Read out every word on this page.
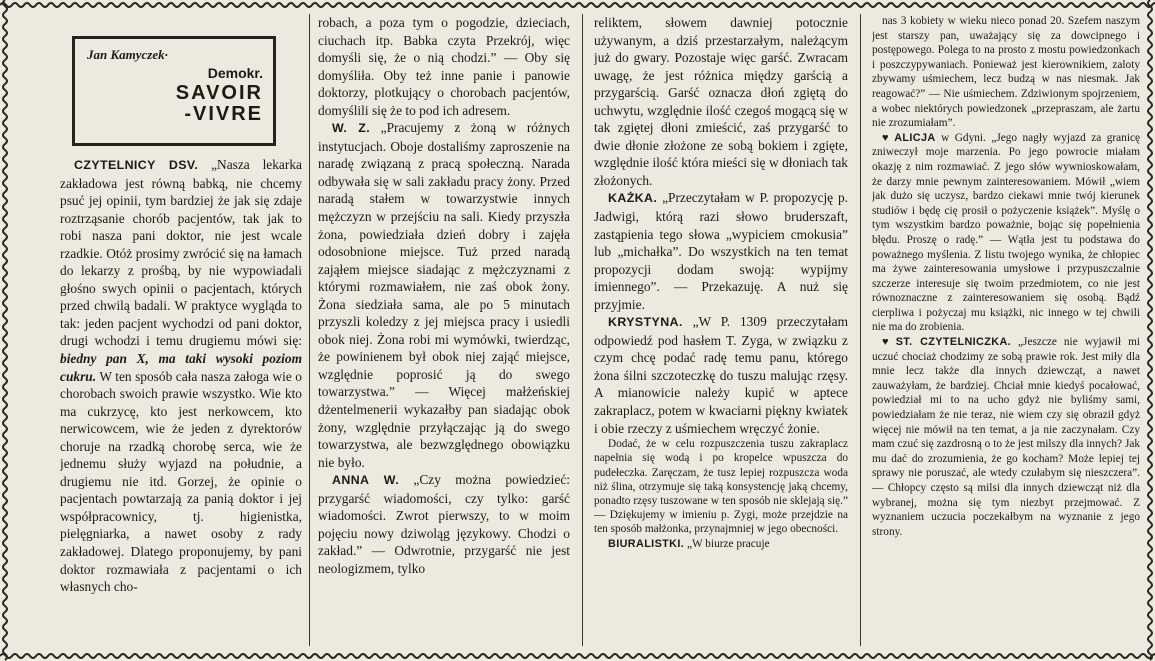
Jan Kamyczek·
Demokr.
SAVOIR
-VIVRE

CZYTELNICY DSV. „Nasza lekarka zakładowa jest równą babką, nie chcemy psuć jej opinii, tym bardziej że jak się zdaje roztrząsanie chorób pacjentów, tak jak to robi nasza pani doktor, nie jest wcale rzadkie. Otóż prosimy zwrócić się na łamach do lekarzy z prośbą, by nie wypowiadali głośno swych opinii o pacjentach, których przed chwilą badali. W praktyce wygląda to tak: jeden pacjent wychodzi od pani doktor, drugi wchodzi i temu drugiemu mówi się: biedny pan X, ma taki wysoki poziom cukru. W ten sposób cała nasza załoga wie o chorobach swoich prawie wszystko. Wie kto ma cukrzycę, kto jest nerkowcem, kto nerwicowcem, wie że jeden z dyrektorów choruje na rzadką chorobę serca, wie że jednemu służy wyjazd na południe, a drugiemu nie itd. Gorzej, że opinie o pacjentach powtarzają za panią doktor i jej współpracownicy, tj. higienistka, pielęgniarka, a nawet osoby z rady zakładowej. Dlatego proponujemy, by pani doktor rozmawiała z pacjentami o ich własnych cho-

robach, a poza tym o pogodzie, dzieciach, ciuchach itp. Babka czyta Przekrój, więc domyśli się, że o nią chodzi.” — Oby się domyśliła. Oby też inne panie i panowie doktorzy, plotkujący o chorobach pacjentów, domyślili się że to pod ich adresem.

W. Z. „Pracujemy z żoną w różnych instytucjach. Oboje dostaliśmy zaproszenie na naradę związaną z pracą społeczną. Narada odbywała się w sali zakładu pracy żony. Przed naradą stałem w towarzystwie innych mężczyzn w przejściu na sali. Kiedy przyszła żona, powiedziała dzień dobry i zajęła odosobnione miejsce. Tuż przed naradą zająłem miejsce siadając z mężczyznami z którymi rozmawiałem, nie zaś obok żony. Żona siedziała sama, ale po 5 minutach przyszli koledzy z jej miejsca pracy i usiedli obok niej. Żona robi mi wymówki, twierdząc, że powinienem był obok niej zająć miejsce, względnie poprosić ją do swego towarzystwa.” — Więcej małżeńskiej dżentelmenerii wykazałby pan siadając obok żony, względnie przyłączając ją do swego towarzystwa, ale bezwzględnego obowiązku nie było.

ANNA W. „Czy można powiedzieć: przygarść wiadomości, czy tylko: garść wiadomości. Zwrot pierwszy, to w moim pojęciu nowy dziwoląg językowy. Chodzi o zakład.” — Odwrotnie, przygarść nie jest neologizmem, tylko

reliktem, słowem dawniej potocznie używanym, a dziś przestarzałym, należącym już do gwary. Pozostaje więc garść. Zwracam uwagę, że jest różnica między garścią a przygarścią. Garść oznacza dłoń zgiętą do uchwytu, względnie ilość czegoś mogącą się w tak zgiętej dłoni zmieścić, zaś przygarść to dwie dłonie złożone ze sobą bokiem i zgięte, względnie ilość która mieści się w dłoniach tak złożonych.

KAŻKA. „Przeczytałam w P. propozycję p. Jadwigi, którą razi słowo bruderszaft, zastąpienia tego słowa „wypiciem cmokusia” lub „michałka”. Do wszystkich na ten temat propozycji dodam swoją: wypijmy imiennego”. — Przekazuję. A nuż się przyjmie.

KRYSTYNA. „W P. 1309 przeczytałam odpowiedź pod hasłem T. Zyga, w związku z czym chcę podać radę temu panu, którego żona śilni szczoteczkę do tuszu malując rzęsy. A mianowicie należy kupić w aptece zakraplacz, potem w kwaciarni piękny kwiatek i obie rzeczy z uśmiechem wręczyć żonie.

Dodać, że w celu rozpuszczenia tuszu zakraplacz napełnia się wodą i po kropelce wpuszcza do pudełeczka. Zaręczam, że tusz lepiej rozpuszcza woda niż ślina, otrzymuje się taką konsystencję jaką chcemy, ponadto rzęsy tuszowane w ten sposób nie sklejają się.” — Dziękujemy w imieniu p. Zygi, może przejdzie na ten sposób małżonka, przynajmniej w jego obecności.

BIURALISTKI. „W biurze pracuje

nas 3 kobiety w wieku nieco ponad 20. Szefem naszym jest starszy pan, uważający się za dowcipnego i postępowego. Polega to na prosto z mostu powiedzonkach i poszczypywaniach. Ponieważ jest kierownikiem, zaloty zbywamy uśmiechem, lecz budzą w nas niesmak. Jak reagować?” — Nie uśmiechem. Zdziwionym spojrzeniem, a wobec niektórych powiedzonek „przepraszam, ale żartu nie zrozumiałam”.

♥ ALICJA w Gdyni. „Jego nagły wyjazd za granicę zniweczył moje marzenia. Po jego powrocie miałam okazję z nim rozmawiać. Z jego słów wywnioskowałam, że darzy mnie pewnym zainteresowaniem. Mówił „wiem jak dużo się uczysz, bardzo ciekawi mnie twój kierunek studiów i będę cię prosił o pożyczenie książek”. Myślę o tym wszystkim bardzo poważnie, bojąc się popełnienia błędu. Proszę o radę.” — Wątła jest tu podstawa do poważnego myślenia. Z listu twojego wynika, że chłopiec ma żywe zainteresowania umysłowe i przypuszczalnie szczerze interesuje się twoim przedmiotem, co nie jest równoznaczne z zainteresowaniem się osobą. Bądź cierpliwa i pożyczaj mu książki, nic innego w tej chwili nie ma do zrobienia.

♥ ST. CZYTELNICZKA. „Jeszcze nie wyjawił mi uczuć chociaż chodzimy ze sobą prawie rok. Jest miły dla mnie lecz także dla innych dziewcząt, a nawet zauważyłam, że bardziej. Chciał mnie kiedyś pocałować, powiedział mi to na ucho gdyż nie byliśmy sami, powiedziałam że nie teraz, nie wiem czy się obraził gdyż więcej nie mówił na ten temat, a ja nie zaczynałam. Czy mam czuć się zazdrosną o to że jest milszy dla innych? Jak mu dać do zrozumienia, że go kocham? Może lepiej tej sprawy nie poruszać, ale wtedy czułabym się nieszczera”. — Chłopcy często są milsi dla innych dziewcząt niż dla wybranej, można się tym niezbyt przejmować. Z wyznaniem uczucia poczekałbym na wyznanie z jego strony.
